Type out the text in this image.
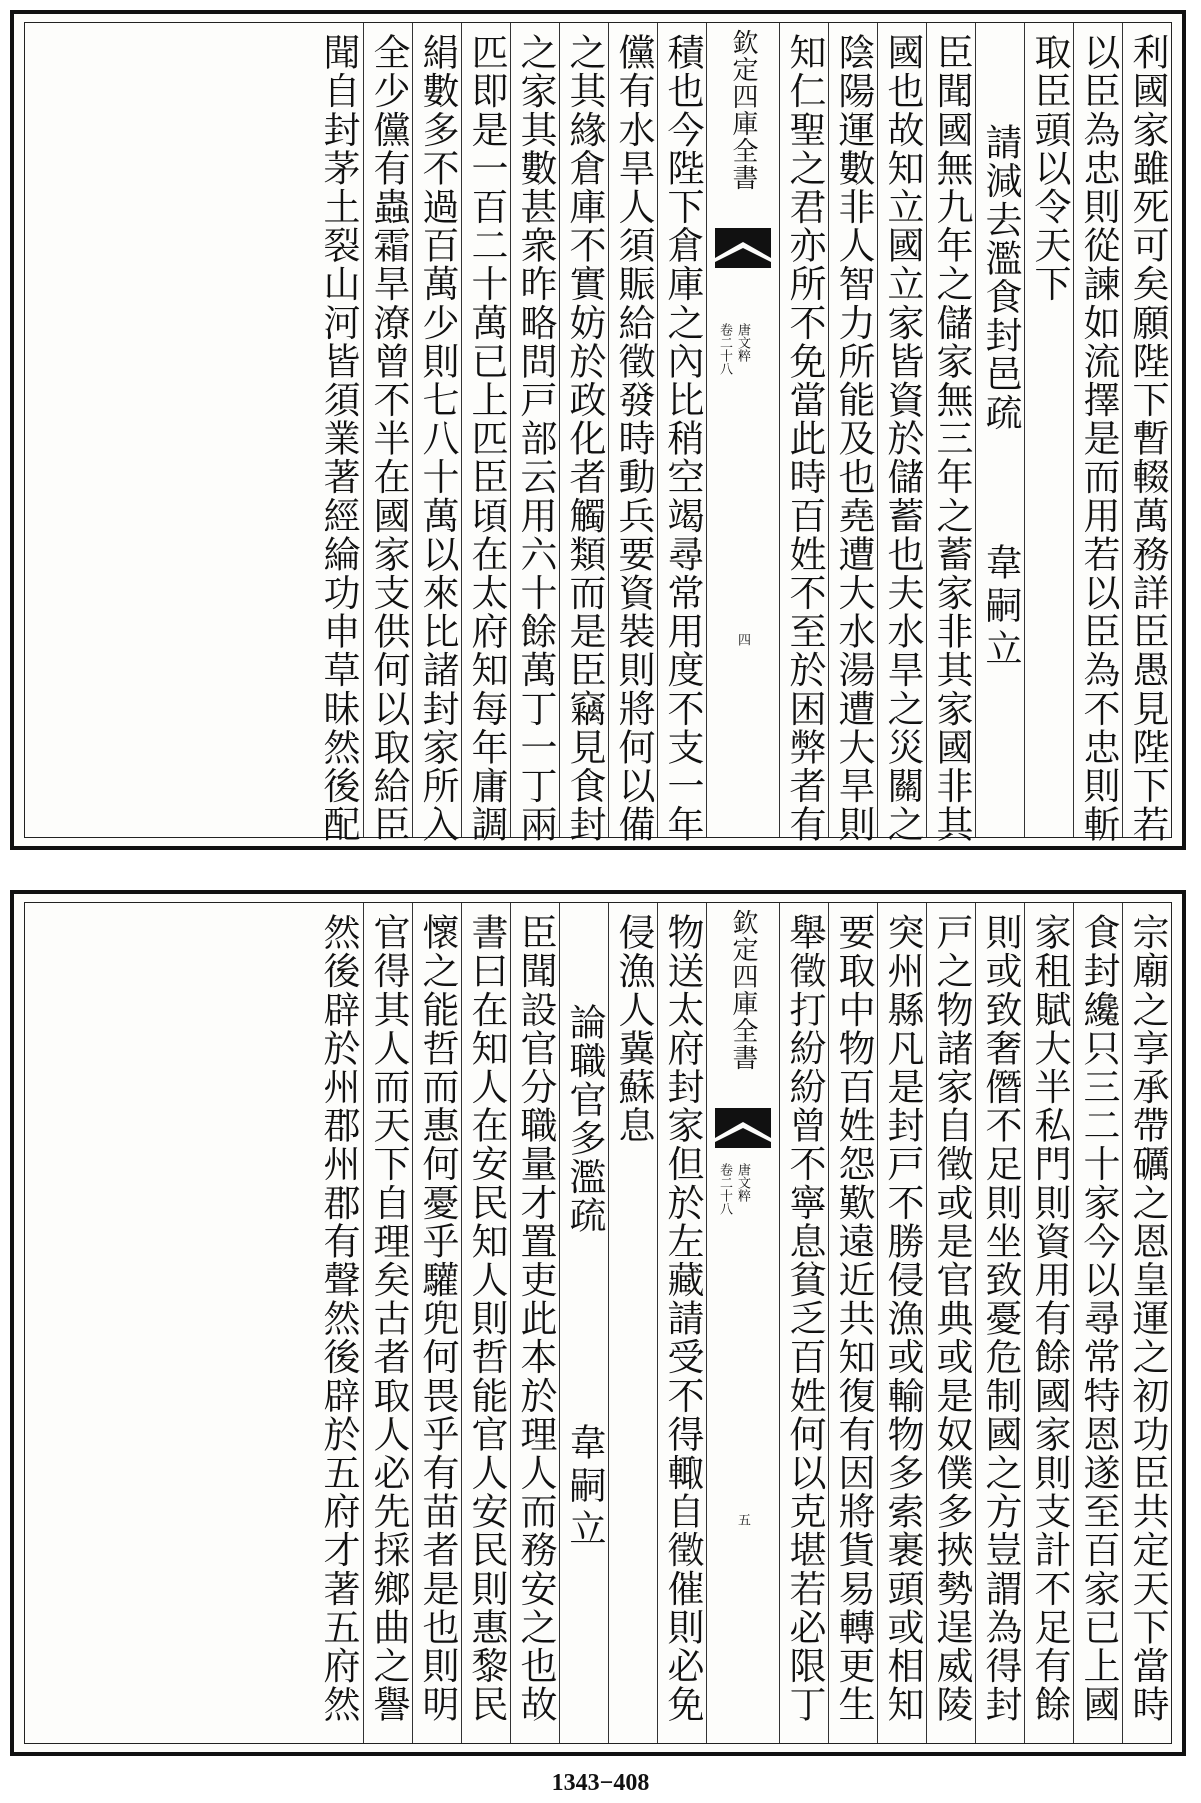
利國家雖死可矣願陛下暫輟萬務詳臣愚見陛下若
以臣為忠則從諫如流擇是而用若以臣為不忠則斬
取臣頭以令天下
請減去濫食封邑疏
韋嗣立
臣聞國無九年之儲家無三年之蓄家非其家國非其
國也故知立國立家皆資於儲蓄也夫水旱之災關之
陰陽運數非人智力所能及也堯遭大水湯遭大旱則
知仁聖之君亦所不免當此時百姓不至於困弊者有
欽定四庫全書
唐文粹
卷二十八
四
積也今陛下倉庫之內比稍空竭尋常用度不支一年
儻有水旱人須賑給徵發時動兵要資裝則將何以備
之其緣倉庫不實妨於政化者觸類而是臣竊見食封
之家其數甚衆昨略問戸部云用六十餘萬丁一丁兩
匹即是一百二十萬已上匹臣頃在太府知每年庸調
絹數多不過百萬少則七八十萬以來比諸封家所入
全少儻有蟲霜旱潦曾不半在國家支供何以取給臣
聞自封茅土裂山河皆須業著經綸功申草昧然後配
宗廟之享承帶礪之恩皇運之初功臣共定天下當時
食封纔只三二十家今以尋常特恩遂至百家已上國
家租賦大半私門則資用有餘國家則支計不足有餘
則或致奢僭不足則坐致憂危制國之方豈謂為得封
戸之物諸家自徵或是官典或是奴僕多挾勢逞威陵
突州縣凡是封戸不勝侵漁或輸物多索裹頭或相知
要取中物百姓怨歎遠近共知復有因將貨易轉更生
舉徵打紛紛曾不寧息貧乏百姓何以克堪若必限丁
欽定四庫全書
唐文粹
卷二十八
五
物送太府封家但於左藏請受不得輙自徵催則必免
侵漁人冀蘇息
論職官多濫疏
韋嗣立
臣聞設官分職量才置吏此本於理人而務安之也故
書曰在知人在安民知人則哲能官人安民則惠黎民
懷之能哲而惠何憂乎驩兜何畏乎有苗者是也則明
官得其人而天下自理矣古者取人必先採鄉曲之譽
然後辟於州郡州郡有聲然後辟於五府才著五府然
1343−408
